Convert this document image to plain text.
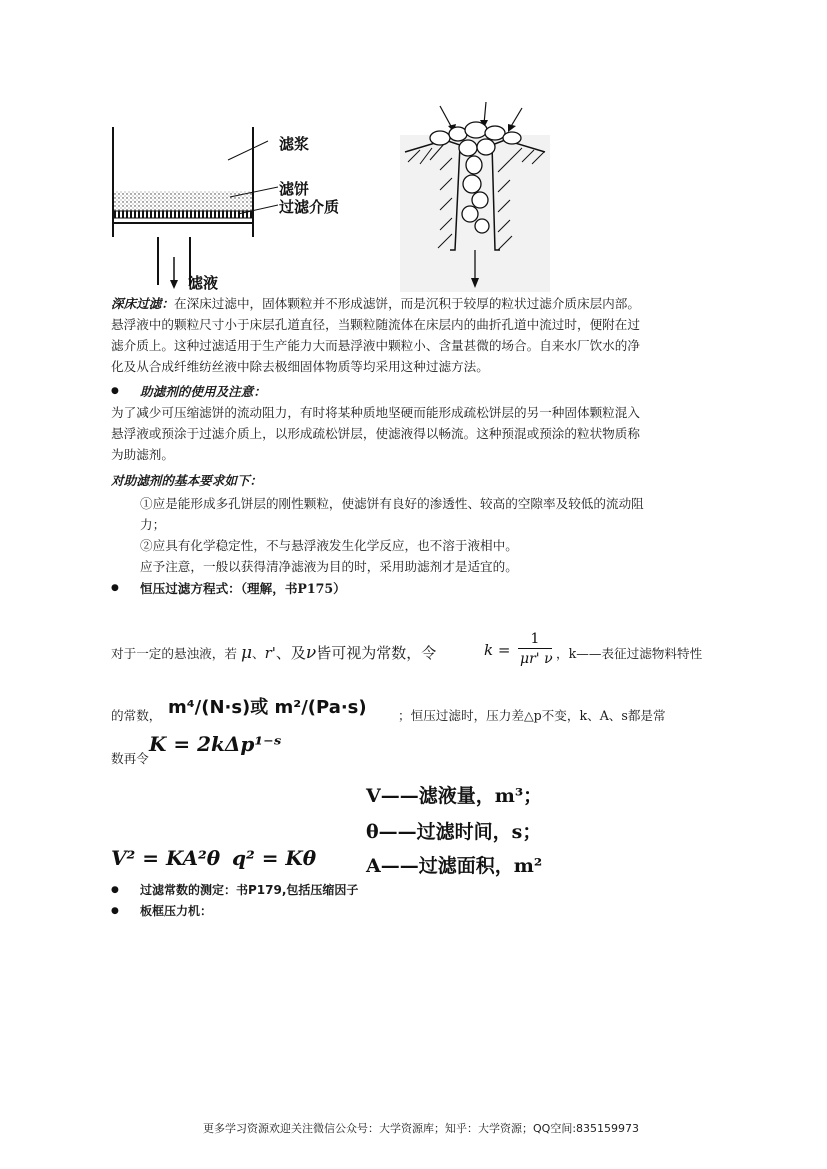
滤浆
滤饼
过滤介质
滤液
深床过滤：在深床过滤中，固体颗粒并不形成滤饼，而是沉积于较厚的粒状过滤介质床层内部。
悬浮液中的颗粒尺寸小于床层孔道直径，当颗粒随流体在床层内的曲折孔道中流过时，便附在过
滤介质上。这种过滤适用于生产能力大而悬浮液中颗粒小、含量甚微的场合。自来水厂饮水的净
化及从合成纤维纺丝液中除去极细固体物质等均采用这种过滤方法。
● 助滤剂的使用及注意：
为了减少可压缩滤饼的流动阻力，有时将某种质地坚硬而能形成疏松饼层的另一种固体颗粒混入
悬浮液或预涂于过滤介质上，以形成疏松饼层，使滤液得以畅流。这种预混或预涂的粒状物质称
为助滤剂。
对助滤剂的基本要求如下：
①应是能形成多孔饼层的刚性颗粒，使滤饼有良好的渗透性、较高的空隙率及较低的流动阻
力；
②应具有化学稳定性，不与悬浮液发生化学反应，也不溶于液相中。
应予注意，一般以获得清净滤液为目的时，采用助滤剂才是适宜的。
● 恒压过滤方程式：（理解，书P175）
对于一定的悬浊液，若 μ、r'、及ν皆可视为常数，令	k =
1
μr' ν ，k——表征过滤物料特性
的常数， m⁴/(N·s)或 m²/(Pa·s) ；恒压过滤时，压力差△p不变，k、A、s都是常
数再令
K = 2kΔp¹⁻ˢ
V——滤液量，m³；
θ——过滤时间，s；
A——过滤面积，m²
V² = KA²θ q² = Kθ
● 过滤常数的测定：书P179,包括压缩因子
● 板框压力机：
更多学习资源欢迎关注微信公众号：大学资源库；知乎：大学资源；QQ空间:835159973
